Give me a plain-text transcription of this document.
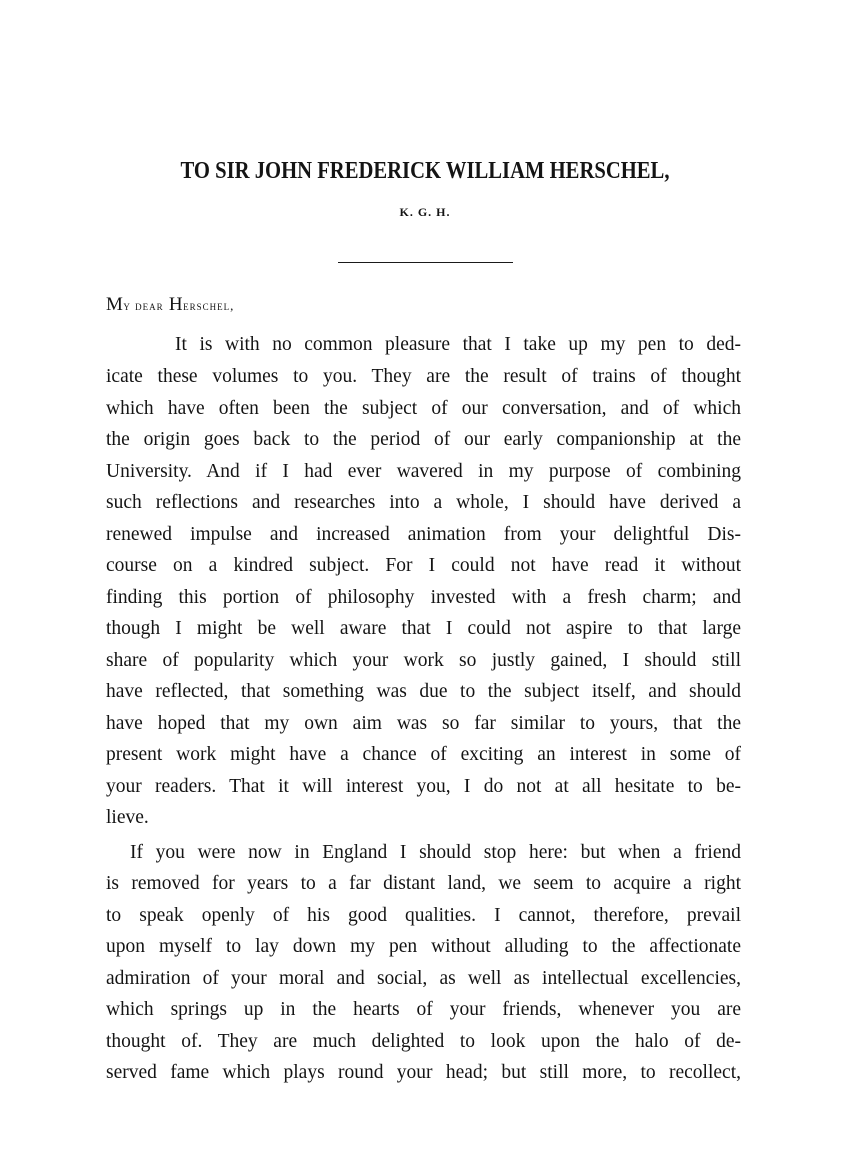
TO SIR JOHN FREDERICK WILLIAM HERSCHEL,
K. G. H.
My dear Herschel,
It is with no common pleasure that I take up my pen to ded-
icate these volumes to you. They are the result of trains of thought
which have often been the subject of our conversation, and of which
the origin goes back to the period of our early companionship at the
University. And if I had ever wavered in my purpose of combining
such reflections and researches into a whole, I should have derived a
renewed impulse and increased animation from your delightful Dis-
course on a kindred subject. For I could not have read it without
finding this portion of philosophy invested with a fresh charm; and
though I might be well aware that I could not aspire to that large
share of popularity which your work so justly gained, I should still
have reflected, that something was due to the subject itself, and should
have hoped that my own aim was so far similar to yours, that the
present work might have a chance of exciting an interest in some of
your readers. That it will interest you, I do not at all hesitate to be-
lieve.
If you were now in England I should stop here: but when a friend
is removed for years to a far distant land, we seem to acquire a right
to speak openly of his good qualities. I cannot, therefore, prevail
upon myself to lay down my pen without alluding to the affectionate
admiration of your moral and social, as well as intellectual excellencies,
which springs up in the hearts of your friends, whenever you are
thought of. They are much delighted to look upon the halo of de-
served fame which plays round your head; but still more, to recollect,
